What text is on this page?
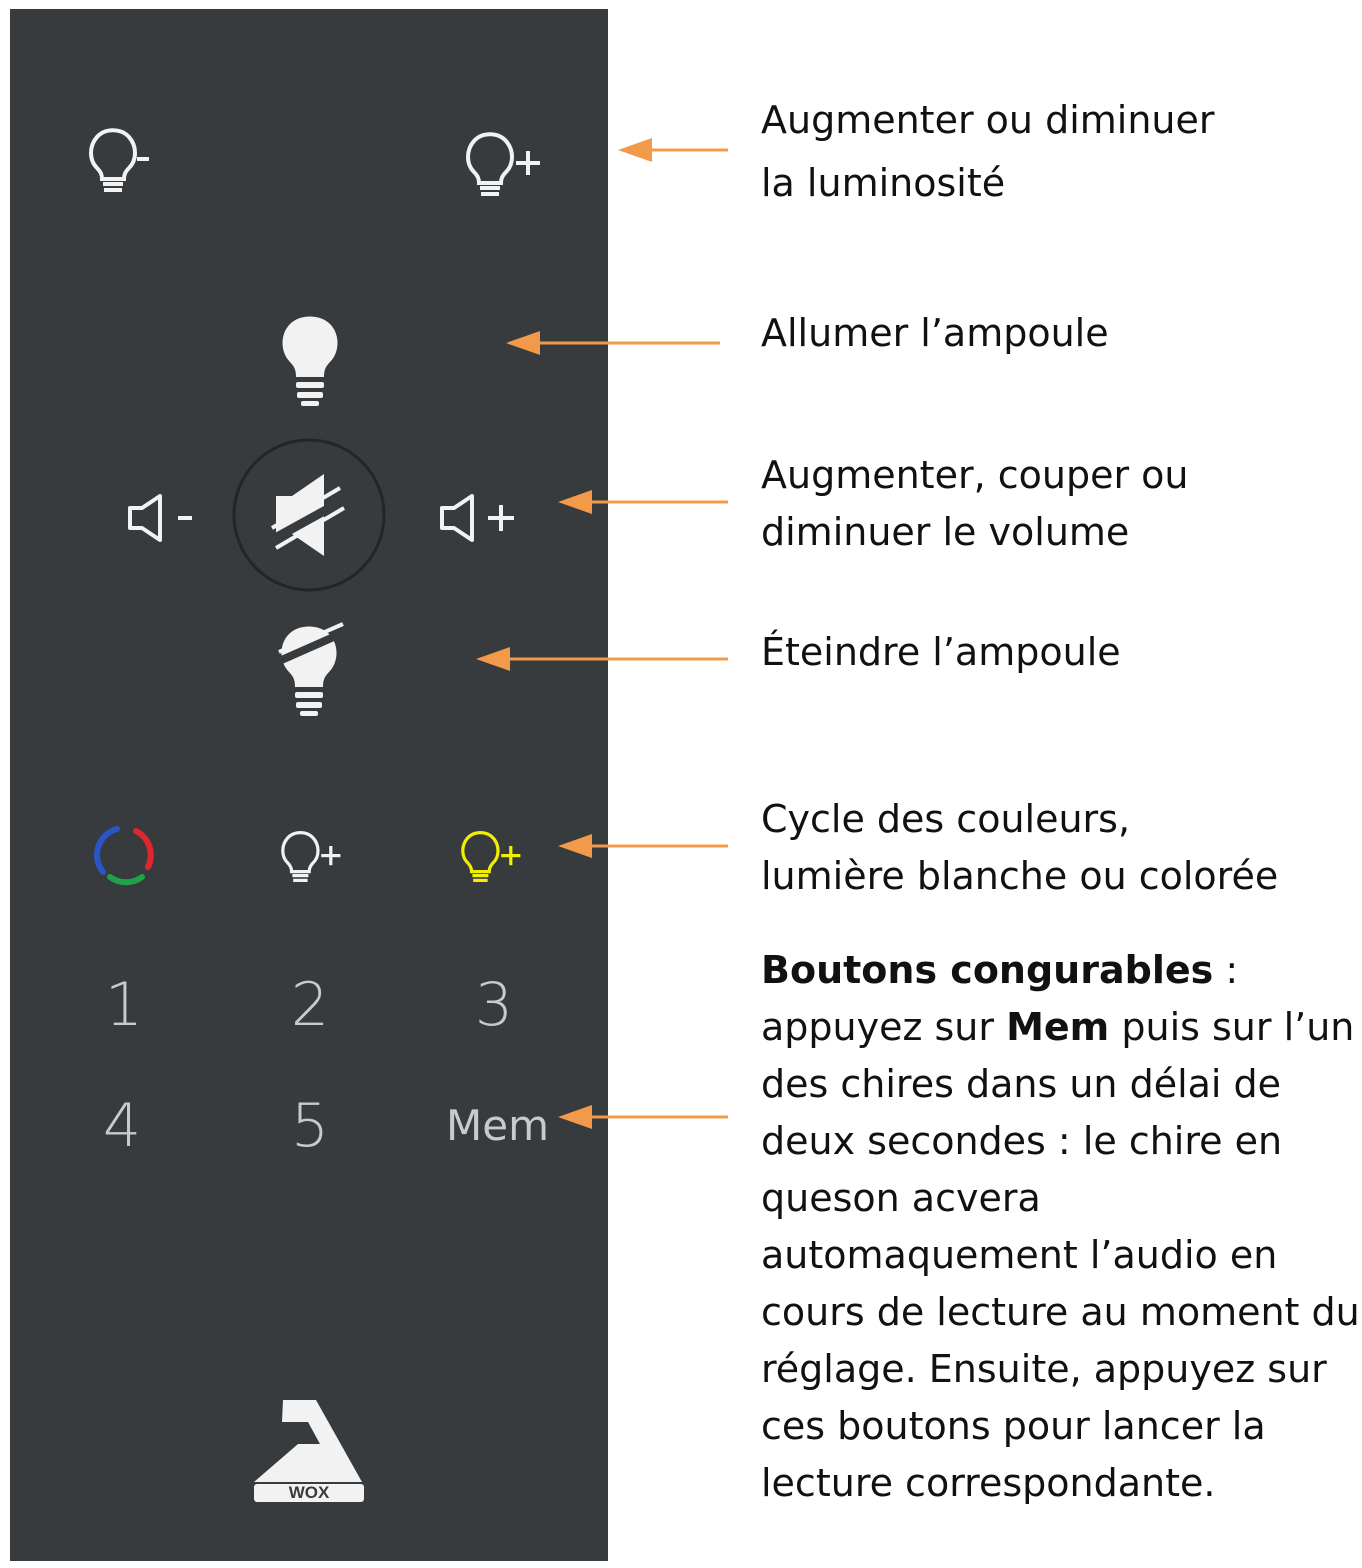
1 2 3
4 5	Mem
WOX
Augmenter ou diminuer
la luminosité
Allumer l’ampoule
Augmenter, couper ou
diminuer le volume
Éteindre l’ampoule
Cycle des couleurs,
lumière blanche ou colorée
Boutons congurables :
appuyez sur Mem puis sur l’un
des chires dans un délai de
deux secondes : le chire en
queson acvera
automaquement l’audio en
cours de lecture au moment du
réglage. Ensuite, appuyez sur
ces boutons pour lancer la
lecture correspondante.
